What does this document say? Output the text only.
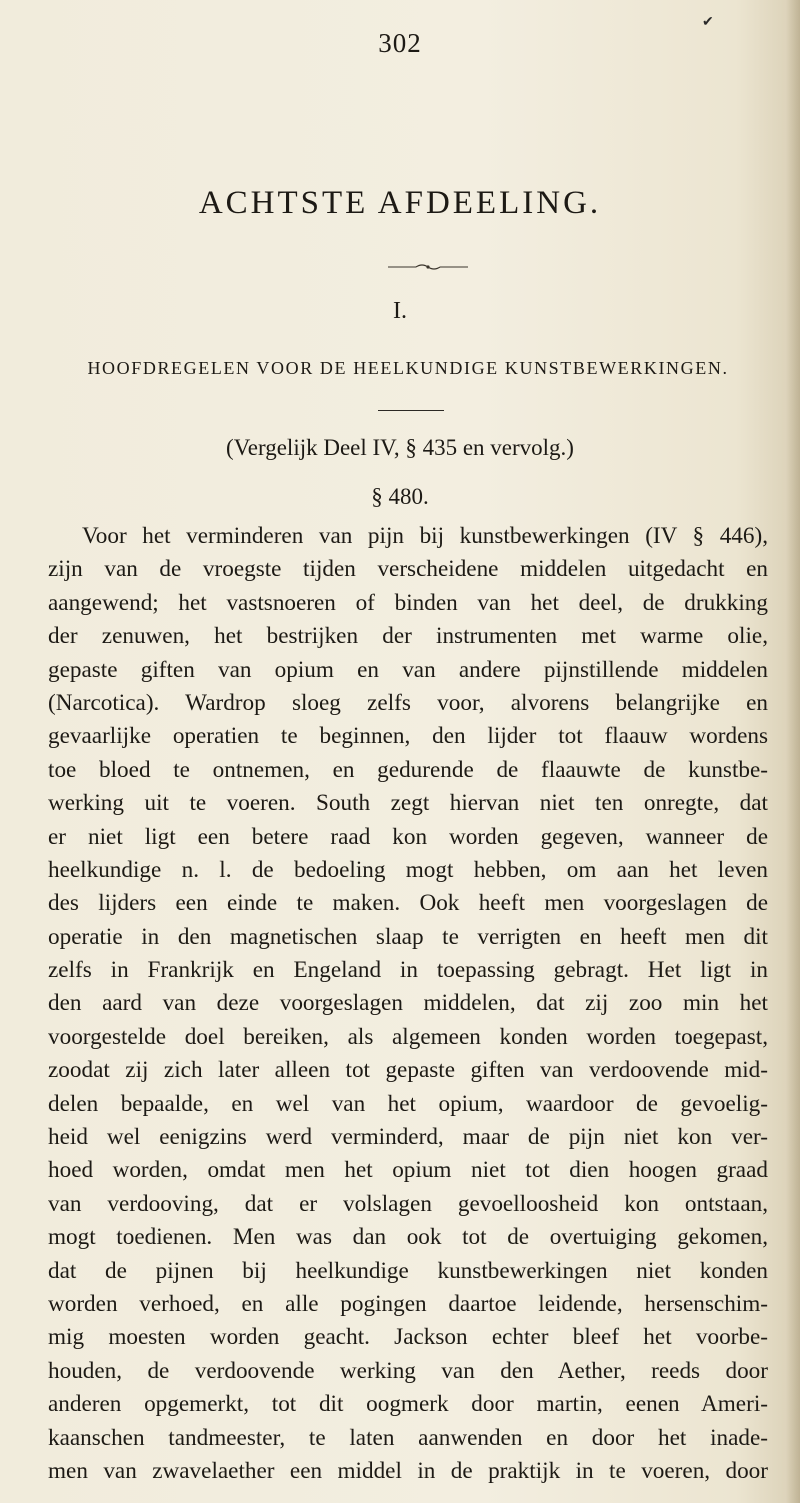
✔
302
ACHTSTE AFDEELING.
I.
HOOFDREGELEN VOOR DE HEELKUNDIGE KUNSTBEWERKINGEN.
(Vergelijk Deel IV, § 435 en vervolg.)
§ 480.
Voor het verminderen van pijn bij kunstbewerkingen (IV § 446),
zijn van de vroegste tijden verscheidene middelen uitgedacht en
aangewend; het vastsnoeren of binden van het deel, de drukking
der zenuwen, het bestrijken der instrumenten met warme olie,
gepaste giften van opium en van andere pijnstillende middelen
(Narcotica). Wardrop sloeg zelfs voor, alvorens belangrijke en
gevaarlijke operatien te beginnen, den lijder tot flaauw wordens
toe bloed te ontnemen, en gedurende de flaauwte de kunstbe-
werking uit te voeren. South zegt hiervan niet ten onregte, dat
er niet ligt een betere raad kon worden gegeven, wanneer de
heelkundige n. l. de bedoeling mogt hebben, om aan het leven
des lijders een einde te maken. Ook heeft men voorgeslagen de
operatie in den magnetischen slaap te verrigten en heeft men dit
zelfs in Frankrijk en Engeland in toepassing gebragt. Het ligt in
den aard van deze voorgeslagen middelen, dat zij zoo min het
voorgestelde doel bereiken, als algemeen konden worden toegepast,
zoodat zij zich later alleen tot gepaste giften van verdoovende mid-
delen bepaalde, en wel van het opium, waardoor de gevoelig-
heid wel eenigzins werd verminderd, maar de pijn niet kon ver-
hoed worden, omdat men het opium niet tot dien hoogen graad
van verdooving, dat er volslagen gevoelloosheid kon ontstaan,
mogt toedienen. Men was dan ook tot de overtuiging gekomen,
dat de pijnen bij heelkundige kunstbewerkingen niet konden
worden verhoed, en alle pogingen daartoe leidende, hersenschim-
mig moesten worden geacht. Jackson echter bleef het voorbe-
houden, de verdoovende werking van den Aether, reeds door
anderen opgemerkt, tot dit oogmerk door martin, eenen Ameri-
kaanschen tandmeester, te laten aanwenden en door het inade-
men van zwavelaether een middel in de praktijk in te voeren, door
